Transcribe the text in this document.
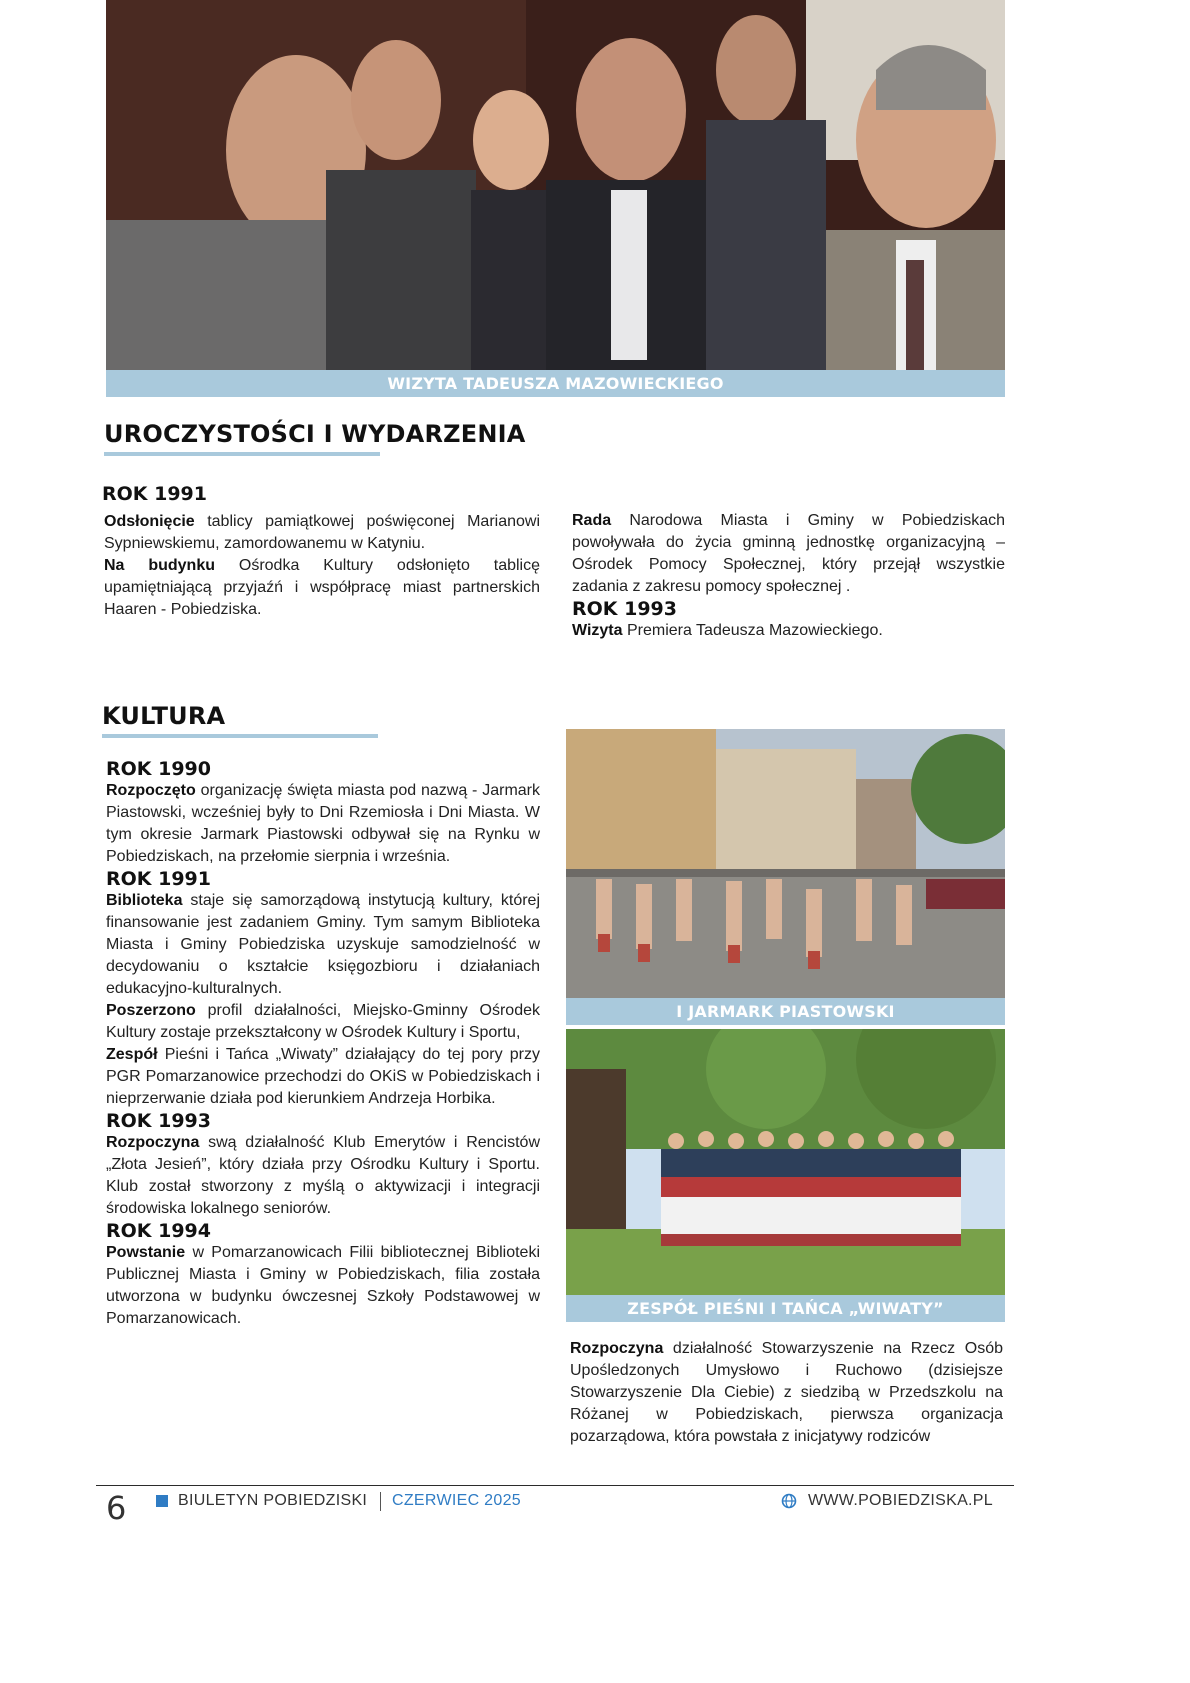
WIZYTA TADEUSZA MAZOWIECKIEGO
UROCZYSTOŚCI I WYDARZENIA

ROK 1991

Odsłonięcie tablicy pamiątkowej poświęconej Marianowi Sypniewskiemu, zamordowanemu w Katyniu.

Na budynku Ośrodka Kultury odsłonięto tablicę upamiętniającą przyjaźń i współpracę miast partnerskich Haaren - Pobiedziska.

Rada Narodowa Miasta i Gminy w Pobiedziskach powoływała do życia gminną jednostkę organizacyjną – Ośrodek Pomocy Społecznej, który przejął wszystkie zadania z zakresu pomocy społecznej .

ROK 1993

Wizyta Premiera Tadeusza Mazowieckiego.

KULTURA

ROK 1990

Rozpoczęto organizację święta miasta pod nazwą - Jarmark Piastowski, wcześniej były to Dni Rzemiosła i Dni Miasta. W tym okresie Jarmark Piastowski odbywał się na Rynku w Pobiedziskach, na przełomie sierpnia i września.

ROK 1991

Biblioteka staje się samorządową instytucją kultury, której finansowanie jest zadaniem Gminy. Tym samym Biblioteka Miasta i Gminy Pobiedziska uzyskuje samodzielność w decydowaniu o kształcie księgozbioru i działaniach edukacyjno-kulturalnych.

Poszerzono profil działalności, Miejsko-Gminny Ośrodek Kultury zostaje przekształcony w Ośrodek Kultury i Sportu,

Zespół Pieśni i Tańca „Wiwaty” działający do tej pory przy PGR Pomarzanowice przechodzi do OKiS w Pobiedziskach i nieprzerwanie działa pod kierunkiem Andrzeja Horbika.

ROK 1993

Rozpoczyna swą działalność Klub Emerytów i Rencistów „Złota Jesień”, który działa przy Ośrodku Kultury i Sportu. Klub został stworzony z myślą o aktywizacji i integracji środowiska lokalnego seniorów.

ROK 1994

Powstanie w Pomarzanowicach Filii bibliotecznej Biblioteki Publicznej Miasta i Gminy w Pobiedziskach, filia została utworzona w budynku ówczesnej Szkoły Podstawowej w Pomarzanowicach.

I JARMARK PIASTOWSKI
ZESPÓŁ PIEŚNI I TAŃCA „WIWATY”

Rozpoczyna działalność Stowarzyszenie na Rzecz Osób Upośledzonych Umysłowo i Ruchowo (dzisiejsze Stowarzyszenie Dla Ciebie) z siedzibą w Przedszkolu na Różanej w Pobiedziskach, pierwsza organizacja pozarządowa, która powstała z inicjatywy rodziców

6	BIULETYN POBIEDZISKI CZERWIEC 2025	WWW.POBIEDZISKA.PL
